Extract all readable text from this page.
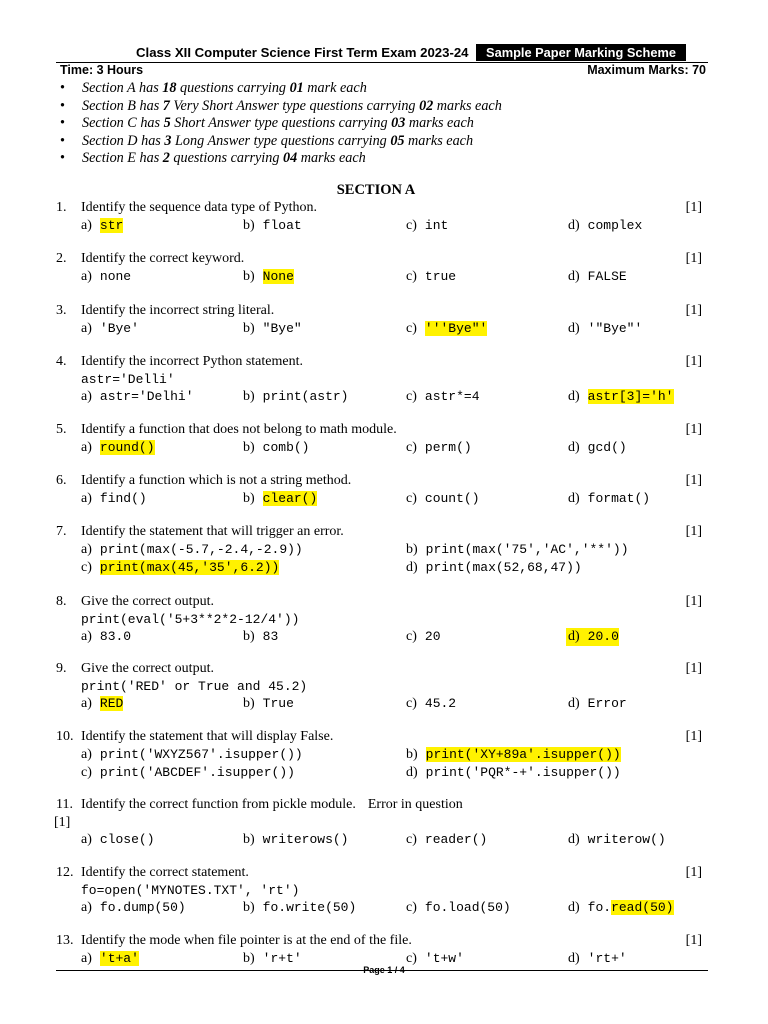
Class XII Computer Science First Term Exam 2023-24	Sample Paper Marking Scheme
Time: 3 Hours	Maximum Marks: 70
• Section A has 18 questions carrying 01 mark each
• Section B has 7 Very Short Answer type questions carrying 02 marks each
• Section C has 5 Short Answer type questions carrying 03 marks each
• Section D has 3 Long Answer type questions carrying 05 marks each
• Section E has 2 questions carrying 04 marks each
SECTION A
1. Identify the sequence data type of Python.	[1]
a) str	b) float	c) int	d) complex
2. Identify the correct keyword.	[1]
a) none	b) None	c) true	d) FALSE
3. Identify the incorrect string literal.	[1]
a) 'Bye'	b) "Bye"	c) '''Bye"'	d) '"Bye"'
4. Identify the incorrect Python statement.	[1]
astr='Delli'
a) astr='Delhi'	b) print(astr)	c) astr*=4	d) astr[3]='h'
5. Identify a function that does not belong to math module.	[1]
a) round()	b) comb()	c) perm()	d) gcd()
6. Identify a function which is not a string method.	[1]
a) find()	b) clear()	c) count()	d) format()
7. Identify the statement that will trigger an error.	[1]
a) print(max(-5.7,-2.4,-2.9))	b) print(max('75','AC','**'))
c) print(max(45,'35',6.2))	d) print(max(52,68,47))
8. Give the correct output.	[1]
print(eval('5+3**2*2-12/4'))
a) 83.0	b) 83	c) 20	d) 20.0
9. Give the correct output.	[1]
print('RED' or True and 45.2)
a) RED	b) True	c) 45.2	d) Error
10. Identify the statement that will display False.	[1]
a) print('WXYZ567'.isupper())	b) print('XY+89a'.isupper())
c) print('ABCDEF'.isupper())	d) print('PQR*-+'.isupper())
11. Identify the correct function from pickle module. Error in question
[1]
a) close()	b) writerows()	c) reader()	d) writerow()
12. Identify the correct statement.	[1]
fo=open('MYNOTES.TXT', 'rt')
a) fo.dump(50)	b) fo.write(50)	c) fo.load(50)	d) fo.read(50)
13. Identify the mode when file pointer is at the end of the file.	[1]
a) 't+a'	b) 'r+t'	c) 't+w'	d) 'rt+'
Page 1 / 4
